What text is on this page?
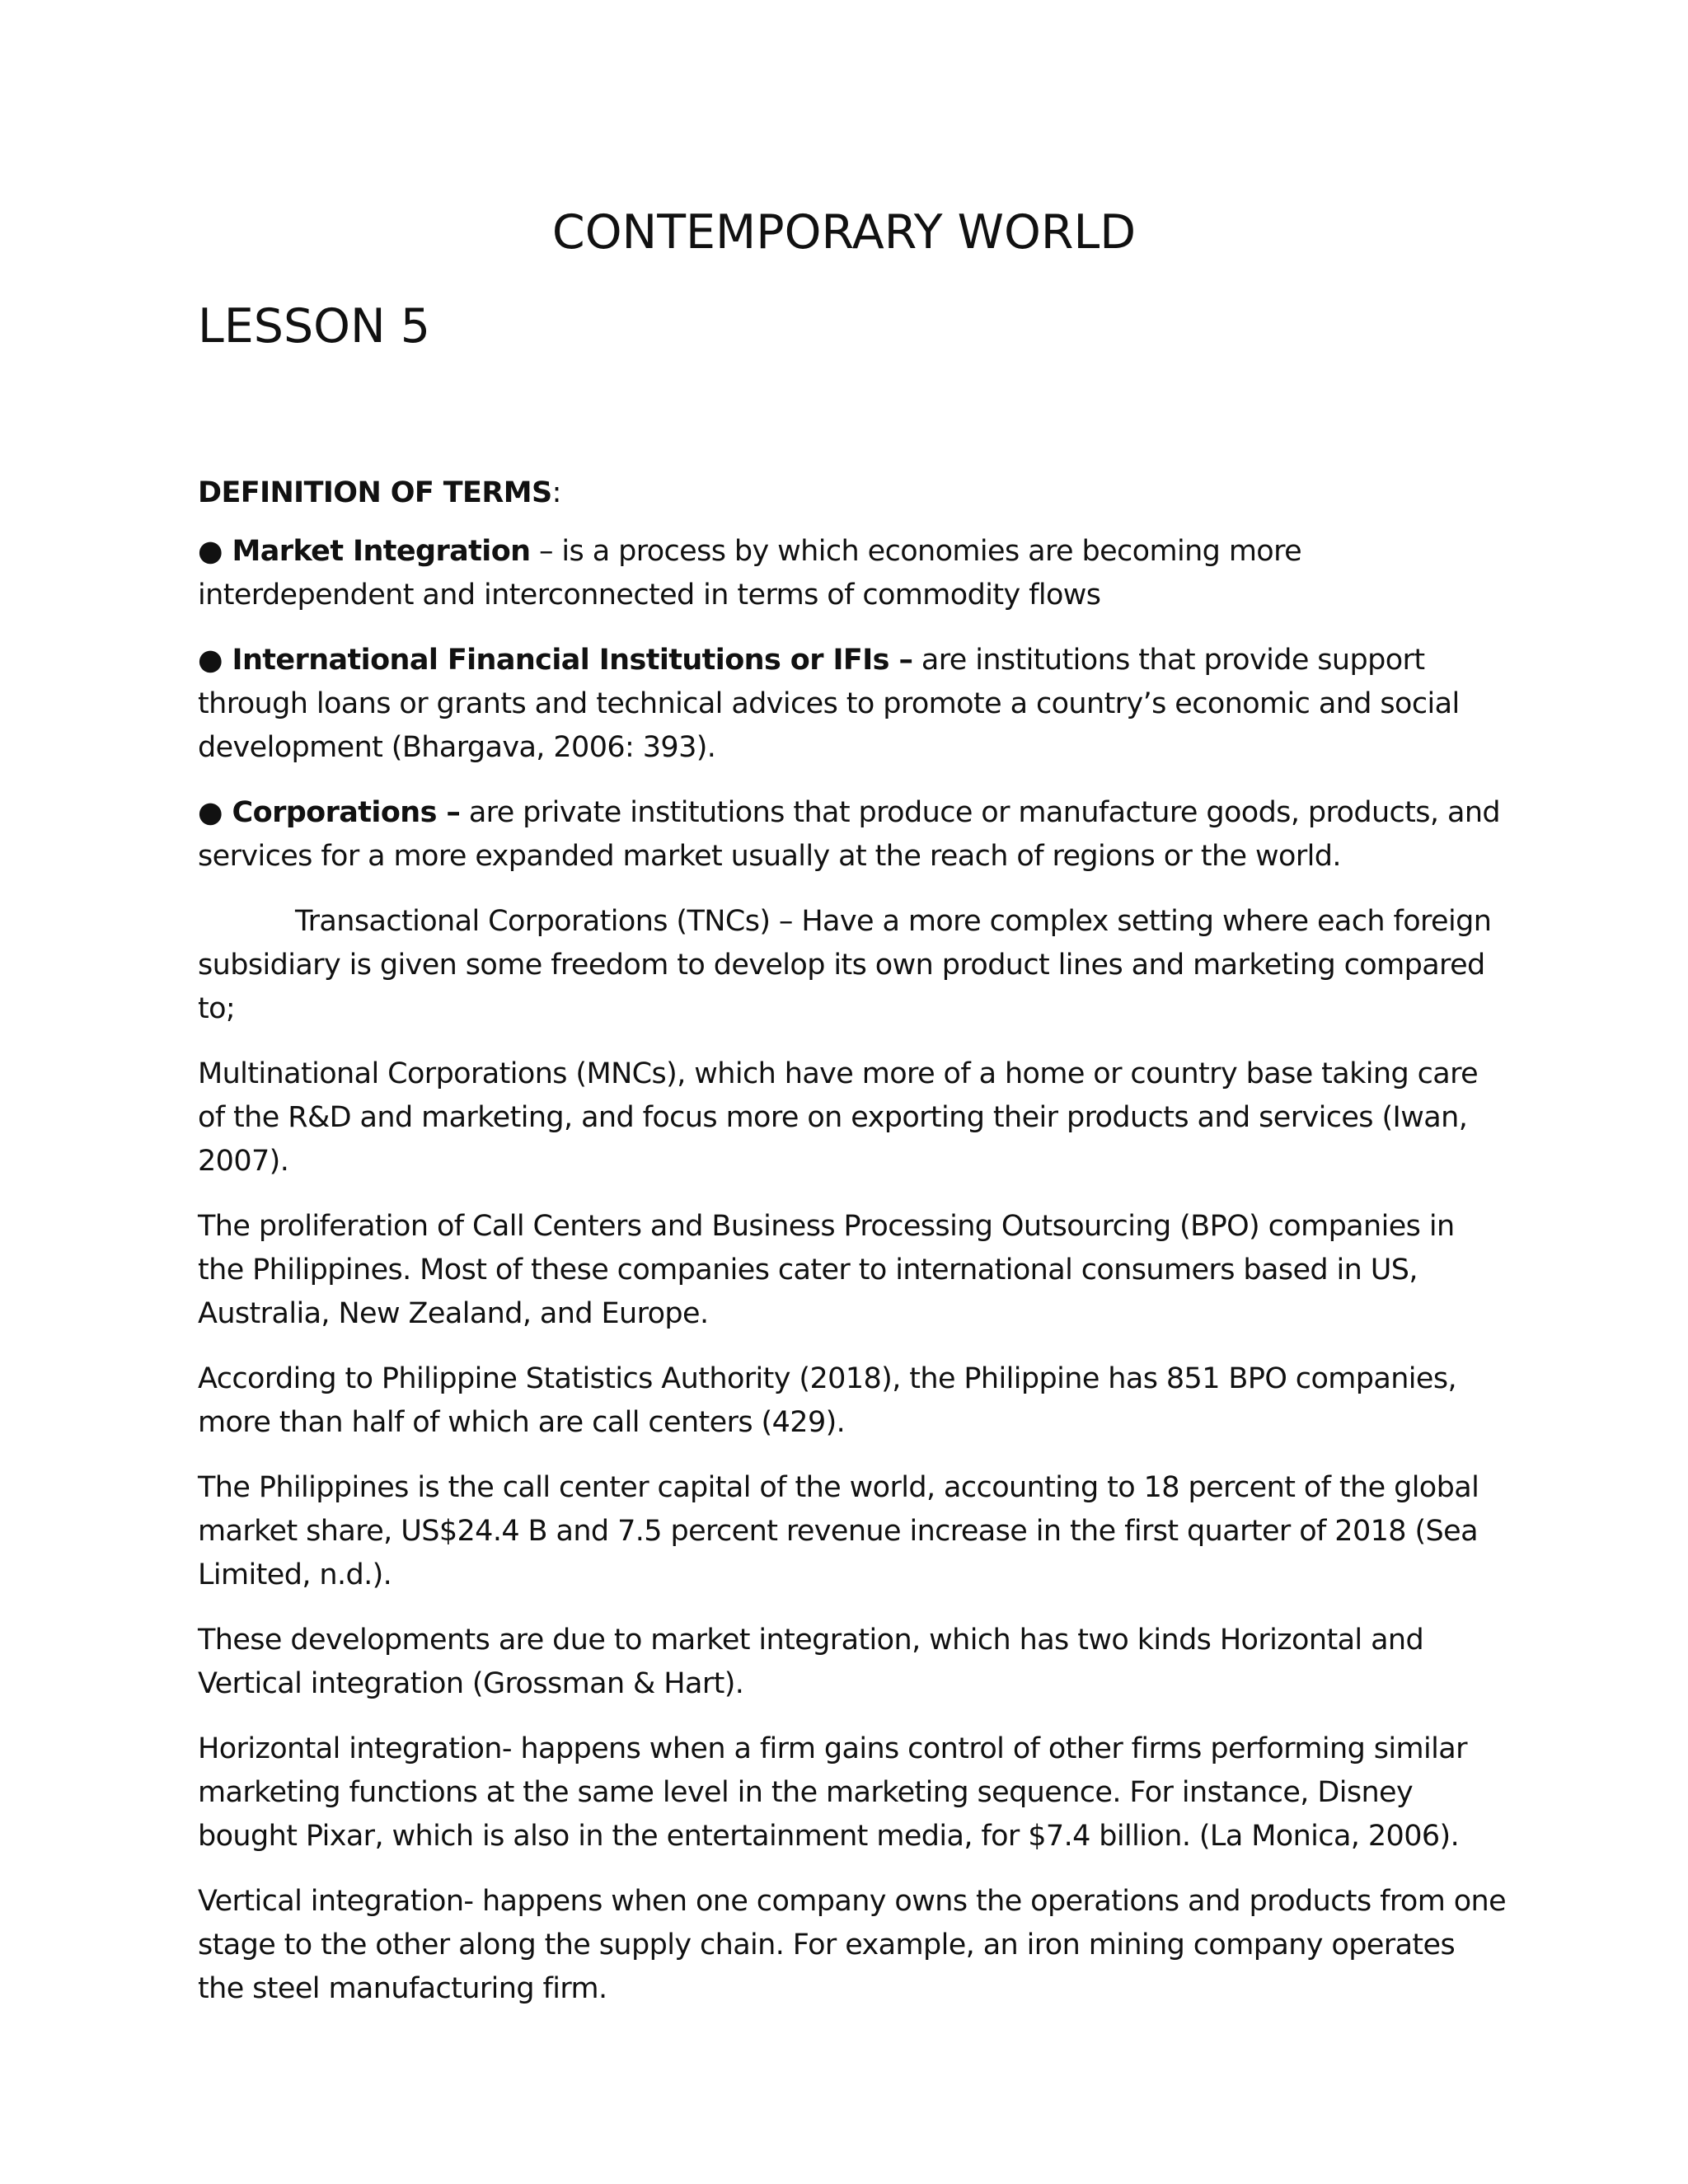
CONTEMPORARY WORLD
LESSON 5

DEFINITION OF TERMS:

● Market Integration – is a process by which economies are becoming more interdependent and interconnected in terms of commodity flows

● International Financial Institutions or IFIs – are institutions that provide support through loans or grants and technical advices to promote a country’s economic and social development (Bhargava, 2006: 393).

● Corporations – are private institutions that produce or manufacture goods, products, and services for a more expanded market usually at the reach of regions or the world.

Transactional Corporations (TNCs) – Have a more complex setting where each foreign subsidiary is given some freedom to develop its own product lines and marketing compared to;

Multinational Corporations (MNCs), which have more of a home or country base taking care of the R&D and marketing, and focus more on exporting their products and services (Iwan, 2007).

The proliferation of Call Centers and Business Processing Outsourcing (BPO) companies in the Philippines. Most of these companies cater to international consumers based in US, Australia, New Zealand, and Europe.

According to Philippine Statistics Authority (2018), the Philippine has 851 BPO companies, more than half of which are call centers (429).

The Philippines is the call center capital of the world, accounting to 18 percent of the global market share, US$24.4 B and 7.5 percent revenue increase in the first quarter of 2018 (Sea Limited, n.d.).

These developments are due to market integration, which has two kinds Horizontal and Vertical integration (Grossman & Hart).

Horizontal integration- happens when a firm gains control of other firms performing similar marketing functions at the same level in the marketing sequence. For instance, Disney bought Pixar, which is also in the entertainment media, for $7.4 billion. (La Monica, 2006).

Vertical integration- happens when one company owns the operations and products from one stage to the other along the supply chain. For example, an iron mining company operates the steel manufacturing firm.
